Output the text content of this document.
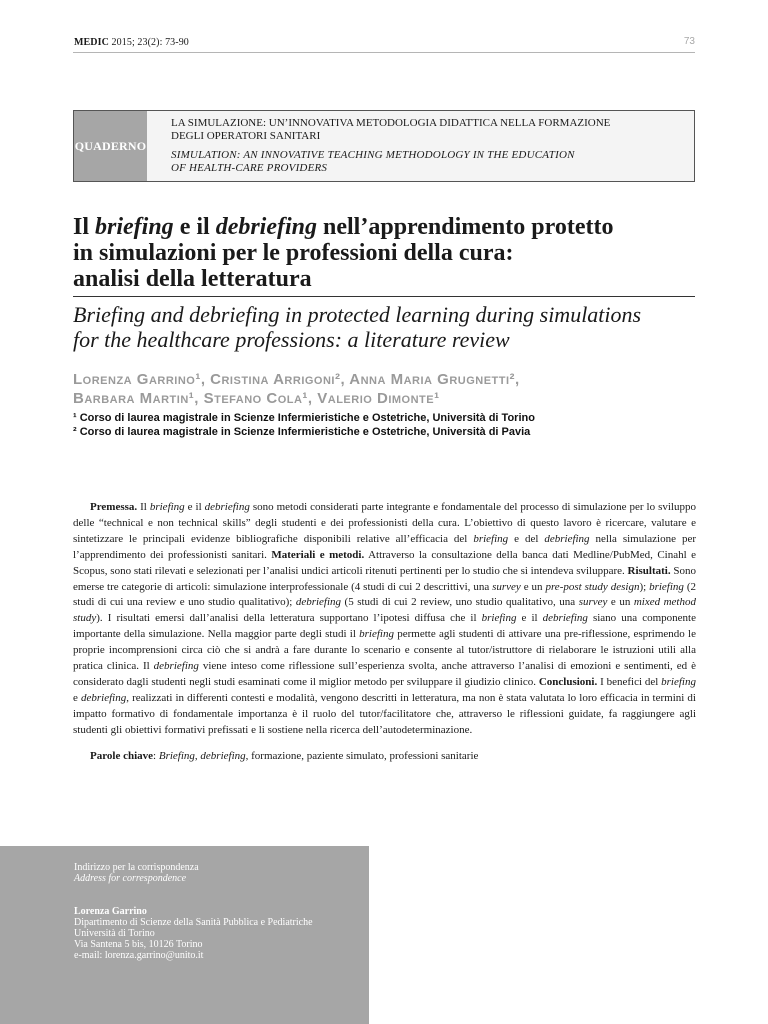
MEDIC 2015; 23(2): 73-90	73
QUADERNO
LA SIMULAZIONE: UN’INNOVATIVA METODOLOGIA DIDATTICA NELLA FORMAZIONE
DEGLI OPERATORI SANITARI
SIMULATION: AN INNOVATIVE TEACHING METHODOLOGY IN THE EDUCATION
OF HEALTH-CARE PROVIDERS
Il briefing e il debriefing nell’apprendimento protetto
in simulazioni per le professioni della cura:
analisi della letteratura
Briefing and debriefing in protected learning during simulations
for the healthcare professions: a literature review
Lorenza Garrino¹, Cristina Arrigoni², Anna Maria Grugnetti²,
Barbara Martin¹, Stefano Cola¹, Valerio Dimonte¹
¹ Corso di laurea magistrale in Scienze Infermieristiche e Ostetriche, Università di Torino
² Corso di laurea magistrale in Scienze Infermieristiche e Ostetriche, Università di Pavia

Premessa. Il briefing e il debriefing sono metodi considerati parte integrante e fondamentale del processo di simulazione per lo sviluppo delle “technical e non technical skills” degli studenti e dei professionisti della cura. L’obiettivo di questo lavoro è ricercare, valutare e sintetizzare le principali evidenze bibliografiche disponibili relative all’efficacia del briefing e del debriefing nella simulazione per l’apprendimento dei professionisti sanitari. Materiali e metodi. Attraverso la consultazione della banca dati Medline/PubMed, Cinahl e Scopus, sono stati rilevati e selezionati per l’analisi undici articoli ritenuti pertinenti per lo studio che si intendeva sviluppare. Risultati. Sono emerse tre categorie di articoli: simulazione interprofessionale (4 studi di cui 2 descrittivi, una survey e un pre-post study design); briefing (2 studi di cui una review e uno studio qualitativo); debriefing (5 studi di cui 2 review, uno studio qualitativo, una survey e un mixed method study). I risultati emersi dall’analisi della letteratura supportano l’ipotesi diffusa che il briefing e il debriefing siano una componente importante della simulazione. Nella maggior parte degli studi il briefing permette agli studenti di attivare una pre-riflessione, esprimendo le proprie incomprensioni circa ciò che si andrà a fare durante lo scenario e consente al tutor/istruttore di rielaborare le istruzioni utili alla pratica clinica. Il debriefing viene inteso come riflessione sull’esperienza svolta, anche attraverso l’analisi di emozioni e sentimenti, ed è considerato dagli studenti negli studi esaminati come il miglior metodo per sviluppare il giudizio clinico. Conclusioni. I benefici del briefing e debriefing, realizzati in differenti contesti e modalità, vengono descritti in letteratura, ma non è stata valutata lo loro efficacia in termini di impatto formativo di fondamentale importanza è il ruolo del tutor/facilitatore che, attraverso le riflessioni guidate, fa raggiungere agli studenti gli obiettivi formativi prefissati e li sostiene nella ricerca dell’autodeterminazione.

Parole chiave: Briefing, debriefing, formazione, paziente simulato, professioni sanitarie

Indirizzo per la corrispondenza
Address for correspondence
Lorenza Garrino
Dipartimento di Scienze della Sanità Pubblica e Pediatriche
Università di Torino
Via Santena 5 bis, 10126 Torino
e-mail: lorenza.garrino@unito.it
